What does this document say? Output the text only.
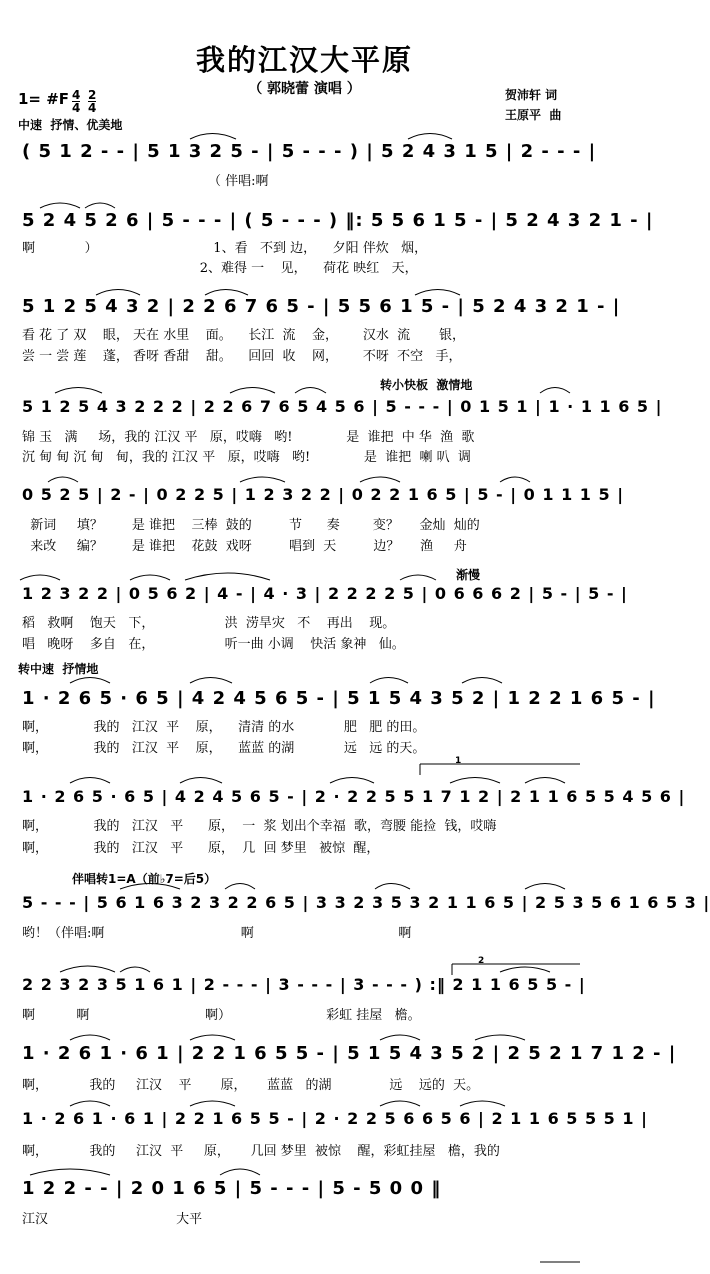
我的江汉大平原
（ 郭晓蕾 演唱 ）
1= #F 4
4
2
4
中速  抒情、优美地
贺沛轩 词
王原平  曲
转小快板  激情地
渐慢
转中速  抒情地
伴唱转1=A（前♭7=后5）
1
2
( 5 1 2 - - | 5 1 3 2 5 - | 5 - - - ) | 5 2 4 3 1 5 | 2 - - - |
（ 伴唱:啊
5 2 4 5 2 6 | 5 - - - | ( 5 - - - ) ‖: 5 5 6 1 5 - | 5 2 4 3 2 1 - |
啊            ）                            1、看   不到 边，    夕阳 伴炊   烟，
2、难得 一    见，    荷花 映红   天，
5 1 2 5 4 3 2 | 2 2 6 7 6 5 - | 5 5 6 1 5 - | 5 2 4 3 2 1 - |
看 花 了 双    眼， 天在 水里    面。    长江  流    金，      汉水  流       银，
尝 一 尝 莲    蓬， 香呀 香甜    甜。    回回  收    网，      不呀  不空   手，
5 1 2 5 4 3 2 2 2 | 2 2 6 7 6 5 4 5 6 | 5 - - - | 0 1 5 1 | 1 · 1 1 6 5 |
锦 玉   满     场，我的 江汉 平   原，哎嗨   哟!             是  谁把  中 华  渔  歌
沉 甸 甸 沉 甸   甸，我的 江汉 平   原，哎嗨   哟!             是  谁把  喇 叭  调
0 5 2 5 | 2 - | 0 2 2 5 | 1 2 3 2 2 | 0 2 2 1 6 5 | 5 - | 0 1 1 1 5 |
新词     填？       是 谁把    三棒  鼓的         节      奏        变？     金灿  灿的
来改     编？       是 谁把    花鼓  戏呀         唱到  天         边？     渔     舟
1 2 3 2 2 | 0 5 6 2 | 4 - | 4 · 3 | 2 2 2 2 5 | 0 6 6 6 2 | 5 - | 5 - |
稻   救啊    饱天   下，                 洪  涝旱灾   不    再出    现。
唱   晚呀    多自   在，                 听一曲 小调    快活 象神   仙。
1 · 2 6 5 · 6 5 | 4 2 4 5 6 5 - | 5 1 5 4 3 5 2 | 1 2 2 1 6 5 - |
啊，           我的   江汉  平    原，    清清 的水            肥   肥 的田。
啊，           我的   江汉  平    原，    蓝蓝 的湖            远   远 的天。
1 · 2 6 5 · 6 5 | 4 2 4 5 6 5 - | 2 · 2 2 5 5 1 7 1 2 | 2 1 1 6 5 5 4 5 6 |
啊，           我的   江汉   平      原，  一  浆 划出个幸福  歌，弯腰 能捡  钱，哎嗨
啊，           我的   江汉   平      原，  几  回 梦里   被惊  醒，
5 - - - | 5 6 1 6 3 2 3 2 2 6 5 | 3 3 2 3 5 3 2 1 1 6 5 | 2 5 3 5 6 1 6 5 3 |
哟！（伴唱:啊                                 啊                                   啊
2 2 3 2 3 5 1 6 1 | 2 - - - | 3 - - - | 3 - - - ) :‖ 2 1 1 6 5 5 - |
啊          啊                            啊）                       彩虹 挂屋   檐。
1 · 2 6 1 · 6 1 | 2 2 1 6 5 5 - | 5 1 5 4 3 5 2 | 2 5 2 1 7 1 2 - |
啊，          我的     江汉    平       原，     蓝蓝   的湖              远    远的  天。
1 · 2 6 1 · 6 1 | 2 2 1 6 5 5 - | 2 · 2 2 5 6 6 5 6 | 2 1 1 6 5 5 5 1 |
啊，          我的     江汉  平     原，     几回 梦里  被惊    醒，彩虹挂屋   檐，我的
1 2 2 - - | 2 0 1 6 5 | 5 - - - | 5 - 5 0 0 ‖
江汉                               大平
